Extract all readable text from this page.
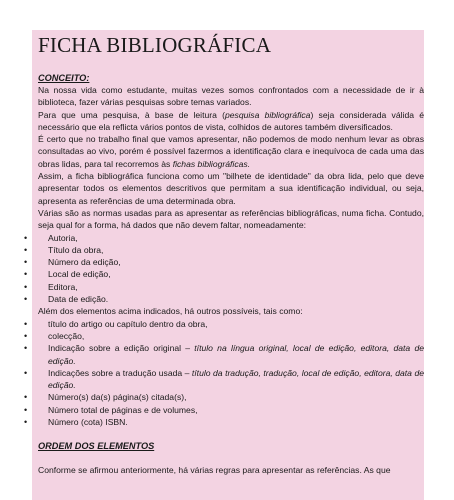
FICHA BIBLIOGRÁFICA
CONCEITO:

Na nossa vida como estudante, muitas vezes somos confrontados com a necessidade de ir à biblioteca, fazer várias pesquisas sobre temas variados.

Para que uma pesquisa, à base de leitura (pesquisa bibliográfica) seja considerada válida é necessário que ela reflicta vários pontos de vista, colhidos de autores também diversificados.

É certo que no trabalho final que vamos apresentar, não podemos de modo nenhum levar as obras consultadas ao vivo, porém é possível fazermos a identificação clara e inequívoca de cada uma das obras lidas, para tal recorremos às fichas bibliográficas.

Assim, a ficha bibliográfica funciona como um "bilhete de identidade" da obra lida, pelo que deve apresentar todos os elementos descritivos que permitam a sua identificação individual, ou seja, apresenta as referências de uma determinada obra.

Várias são as normas usadas para as apresentar as referências bibliográficas, numa ficha. Contudo, seja qual for a forma, há dados que não devem faltar, nomeadamente:

• Autoria,
• Título da obra,
• Número da edição,
• Local de edição,
• Editora,
• Data de edição.

Além dos elementos acima indicados, há outros possíveis, tais como:

• título do artigo ou capítulo dentro da obra,
• colecção,
• Indicação sobre a edição original – título na língua original, local de edição, editora, data de edição.
• Indicações sobre a tradução usada – título da tradução, tradução, local de edição, editora, data de edição.
• Número(s) da(s) página(s) citada(s),
• Número total de páginas e de volumes,
• Número (cota) ISBN.
ORDEM DOS ELEMENTOS

Conforme se afirmou anteriormente, há várias regras para apresentar as referências. As que
